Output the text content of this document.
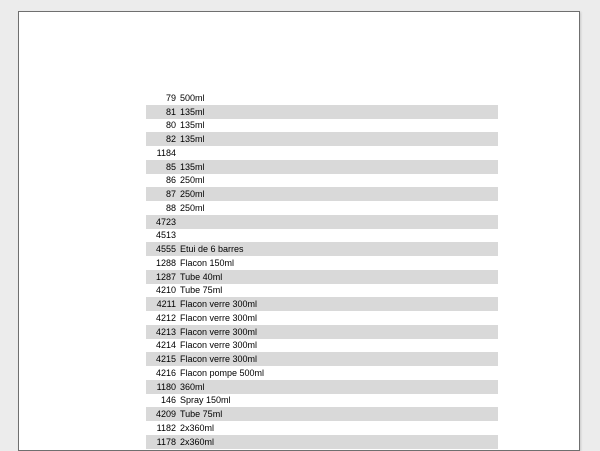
79 500ml
81 135ml
80 135ml
82 135ml
1184
85 135ml
86 250ml
87 250ml
88 250ml
4723
4513
4555 Etui de 6 barres
1288 Flacon 150ml
1287 Tube 40ml
4210 Tube 75ml
4211 Flacon verre 300ml
4212 Flacon verre 300ml
4213 Flacon verre 300ml
4214 Flacon verre 300ml
4215 Flacon verre 300ml
4216 Flacon pompe 500ml
1180 360ml
146 Spray 150ml
4209 Tube 75ml
1182 2x360ml
1178 2x360ml
